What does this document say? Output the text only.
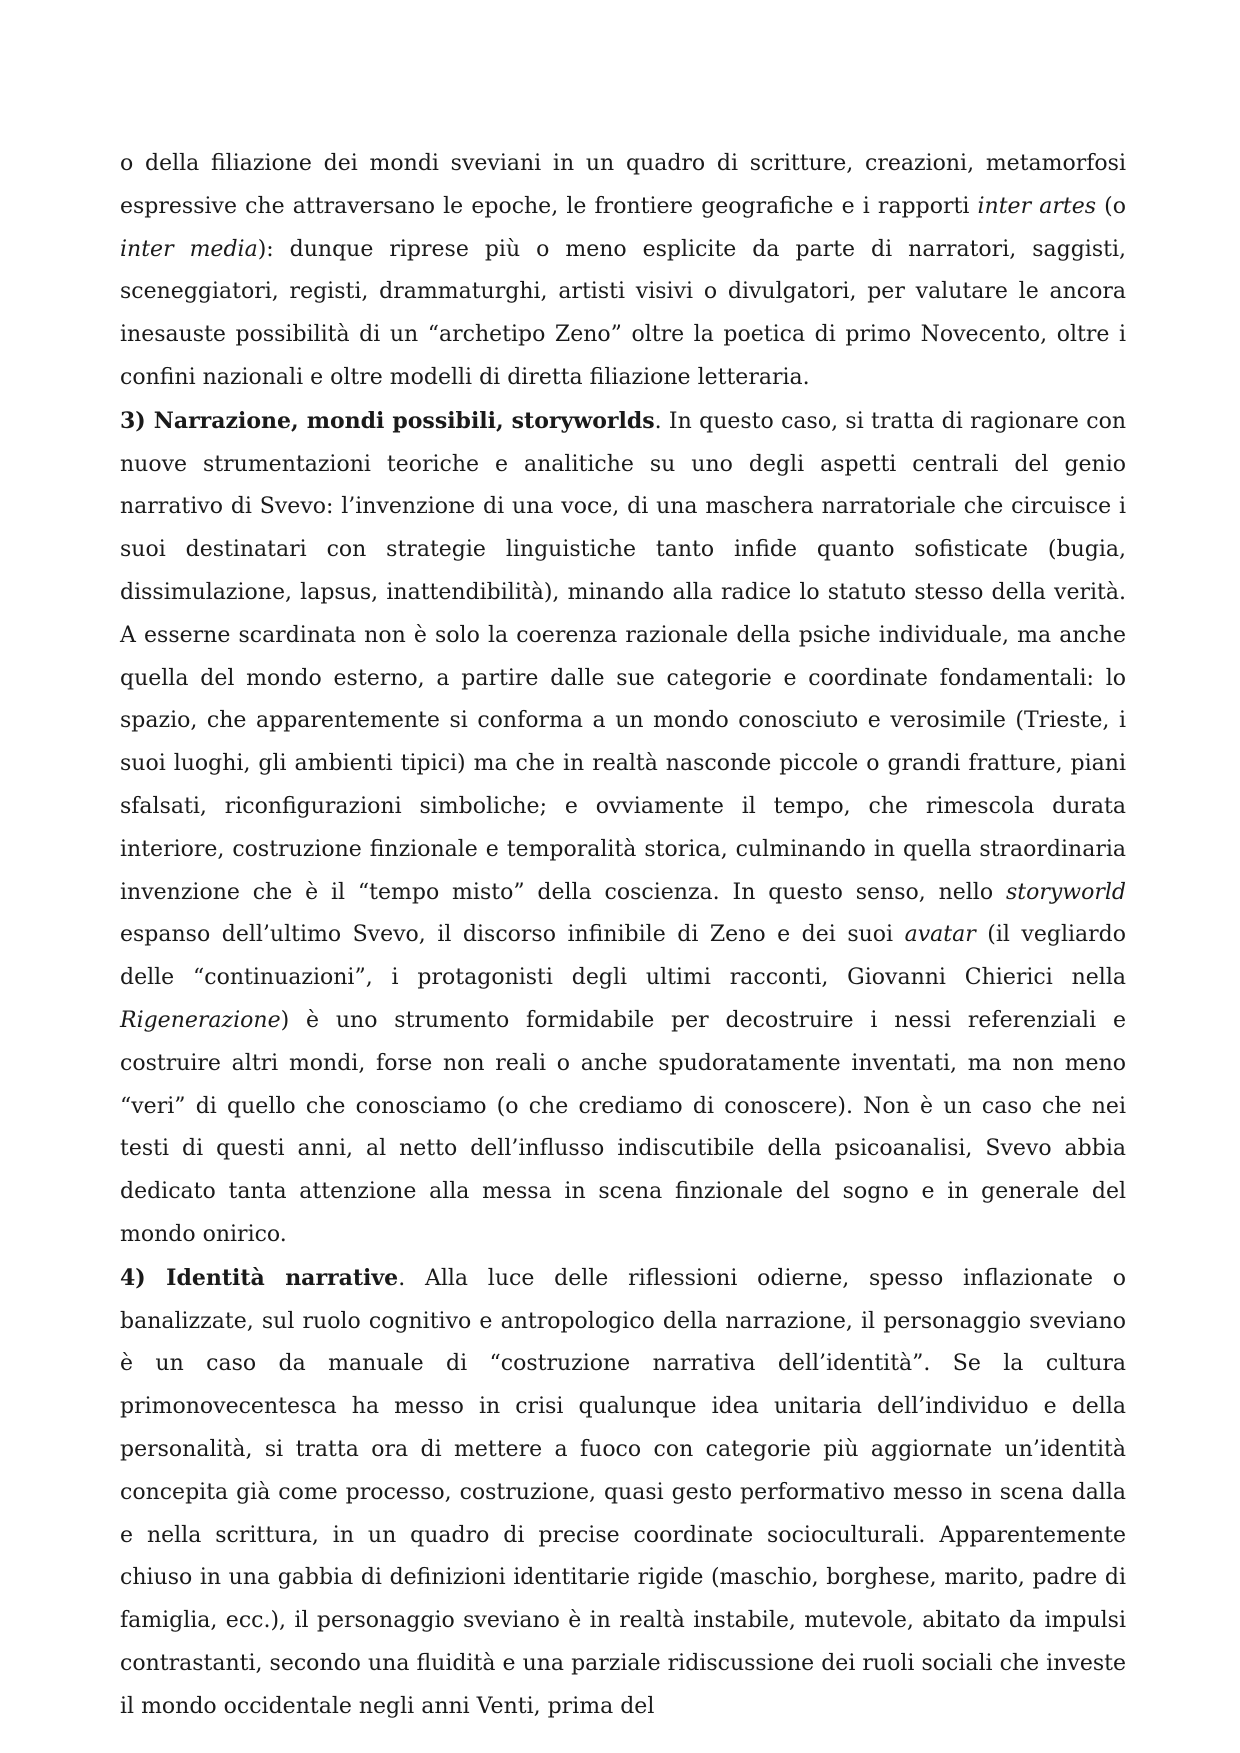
o della filiazione dei mondi sveviani in un quadro di scritture, creazioni, metamorfosi espressive che attraversano le epoche, le frontiere geografiche e i rapporti inter artes (o inter media): dunque riprese più o meno esplicite da parte di narratori, saggisti, sceneggiatori, registi, drammaturghi, artisti visivi o divulgatori, per valutare le ancora inesauste possibilità di un “archetipo Zeno” oltre la poetica di primo Novecento, oltre i confini nazionali e oltre modelli di diretta filiazione letteraria.

3) Narrazione, mondi possibili, storyworlds. In questo caso, si tratta di ragionare con nuove strumentazioni teoriche e analitiche su uno degli aspetti centrali del genio narrativo di Svevo: l’invenzione di una voce, di una maschera narratoriale che circuisce i suoi destinatari con strategie linguistiche tanto infide quanto sofisticate (bugia, dissimulazione, lapsus, inattendibilità), minando alla radice lo statuto stesso della verità. A esserne scardinata non è solo la coerenza razionale della psiche individuale, ma anche quella del mondo esterno, a partire dalle sue categorie e coordinate fondamentali: lo spazio, che apparentemente si conforma a un mondo conosciuto e verosimile (Trieste, i suoi luoghi, gli ambienti tipici) ma che in realtà nasconde piccole o grandi fratture, piani sfalsati, riconfigurazioni simboliche; e ovviamente il tempo, che rimescola durata interiore, costruzione finzionale e temporalità storica, culminando in quella straordinaria invenzione che è il “tempo misto” della coscienza. In questo senso, nello storyworld espanso dell’ultimo Svevo, il discorso infinibile di Zeno e dei suoi avatar (il vegliardo delle “continuazioni”, i protagonisti degli ultimi racconti, Giovanni Chierici nella Rigenerazione) è uno strumento formidabile per decostruire i nessi referenziali e costruire altri mondi, forse non reali o anche spudoratamente inventati, ma non meno “veri” di quello che conosciamo (o che crediamo di conoscere). Non è un caso che nei testi di questi anni, al netto dell’influsso indiscutibile della psicoanalisi, Svevo abbia dedicato tanta attenzione alla messa in scena finzionale del sogno e in generale del mondo onirico.

4) Identità narrative. Alla luce delle riflessioni odierne, spesso inflazionate o banalizzate, sul ruolo cognitivo e antropologico della narrazione, il personaggio sveviano è un caso da manuale di “costruzione narrativa dell’identità”. Se la cultura primonovecentesca ha messo in crisi qualunque idea unitaria dell’individuo e della personalità, si tratta ora di mettere a fuoco con categorie più aggiornate un’identità concepita già come processo, costruzione, quasi gesto performativo messo in scena dalla e nella scrittura, in un quadro di precise coordinate socioculturali. Apparentemente chiuso in una gabbia di definizioni identitarie rigide (maschio, borghese, marito, padre di famiglia, ecc.), il personaggio sveviano è in realtà instabile, mutevole, abitato da impulsi contrastanti, secondo una fluidità e una parziale ridiscussione dei ruoli sociali che investe il mondo occidentale negli anni Venti, prima del
